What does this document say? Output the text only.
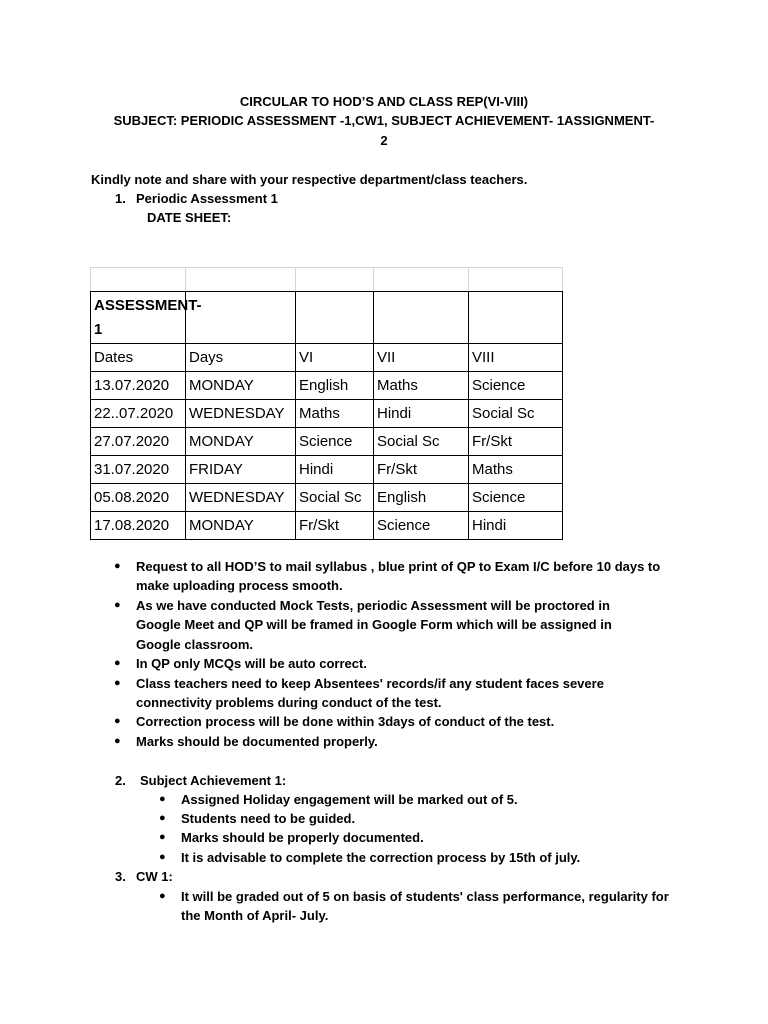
CIRCULAR TO HOD’S AND CLASS REP(VI-VIII)
SUBJECT: PERIODIC ASSESSMENT -1,CW1, SUBJECT ACHIEVEMENT- 1ASSIGNMENT-
2
Kindly note and share with your respective department/class teachers.
1. Periodic Assessment 1
DATE SHEET:

ASSESSMENT-1				

Dates	Days	VI	VII	VIII
13.07.2020	MONDAY	English	Maths	Science
22..07.2020	WEDNESDAY	Maths	Hindi	Social Sc
27.07.2020	MONDAY	Science	Social Sc	Fr/Skt
31.07.2020	FRIDAY	Hindi	Fr/Skt	Maths
05.08.2020	WEDNESDAY	Social Sc	English	Science
17.08.2020	MONDAY	Fr/Skt	Science	Hindi
● Request to all HOD’S to mail syllabus , blue print of QP to Exam I/C before 10 days to make uploading process smooth.
● As we have conducted Mock Tests, periodic Assessment will be proctored in Google Meet and QP will be framed in Google Form which will be assigned in Google classroom.
● In QP only MCQs will be auto correct.
● Class teachers need to keep Absentees' records/if any student faces severe connectivity problems during conduct of the test.
● Correction process will be done within 3days of conduct of the test.
● Marks should be documented properly.
2. Subject Achievement 1:
● Assigned Holiday engagement will be marked out of 5.
● Students need to be guided.
● Marks should be properly documented.
● It is advisable to complete the correction process by 15th of july.
3. CW 1:
● It will be graded out of 5 on basis of students' class performance, regularity for the Month of April- July.
